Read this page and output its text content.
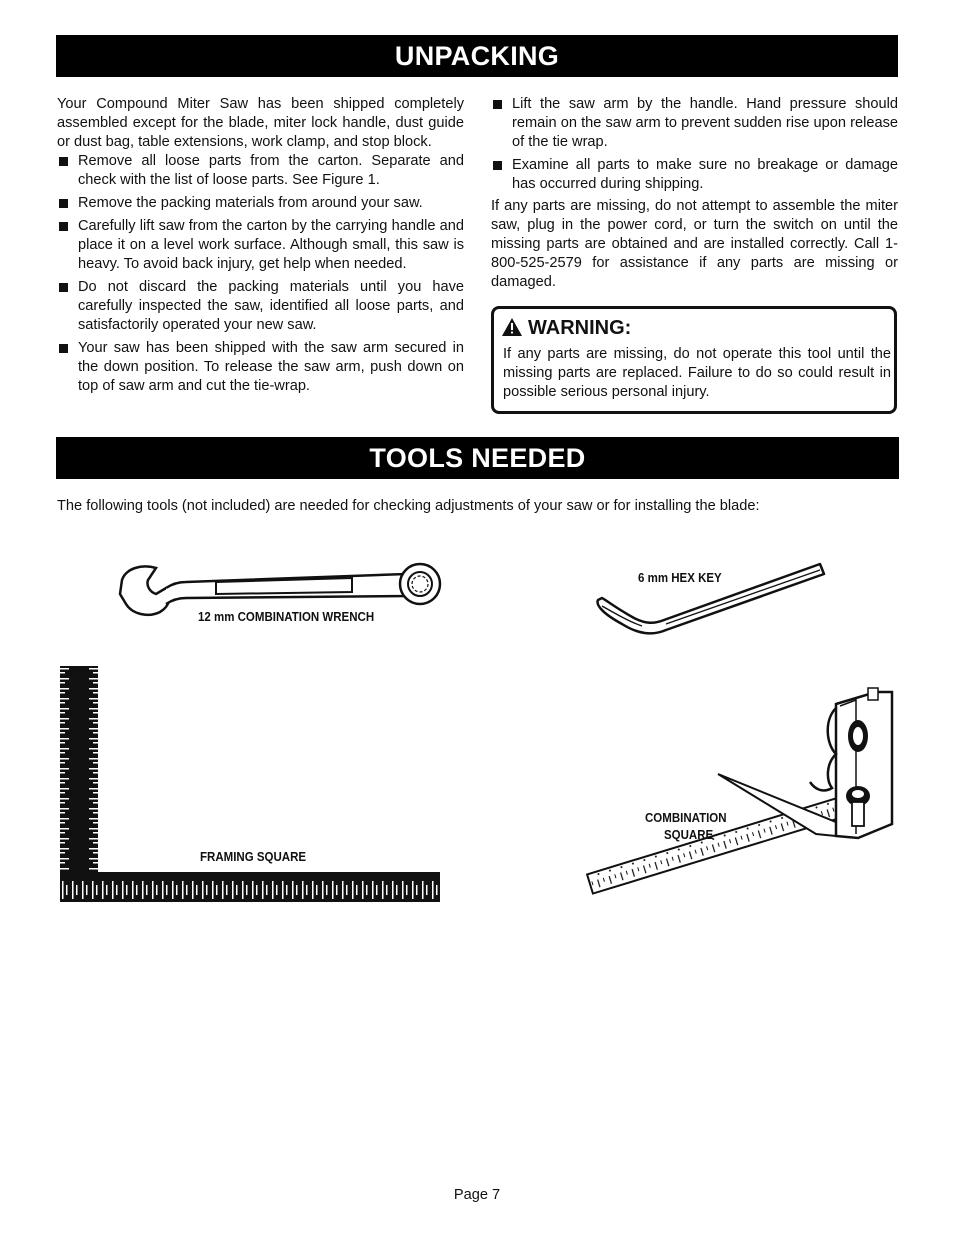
UNPACKING

Your Compound Miter Saw has been shipped completely assembled except for the blade, miter lock handle, dust guide or dust bag, table extensions, work clamp, and stop block.

Remove all loose parts from the carton. Separate and check with the list of loose parts. See Figure 1.
Remove the packing materials from around your saw.
Carefully lift saw from the carton by the carrying handle and place it on a level work surface. Although small, this saw is heavy. To avoid back injury, get help when needed.
Do not discard the packing materials until you have carefully inspected the saw, identified all loose parts, and satisfactorily operated your new saw.
Your saw has been shipped with the saw arm secured in the down position. To release the saw arm, push down on top of saw arm and cut the tie-wrap.
Lift the saw arm by the handle. Hand pressure should remain on the saw arm to prevent sudden rise upon release of the tie wrap.
Examine all parts to make sure no breakage or damage has occurred during shipping.

If any parts are missing, do not attempt to assemble the miter saw, plug in the power cord, or turn the switch on until the missing parts are obtained and are installed correctly. Call 1-800-525-2579 for assistance if any parts are missing or damaged.

WARNING:
If any parts are missing, do not operate this tool until the missing parts are replaced. Failure to do so could result in possible serious personal injury.
TOOLS NEEDED
The following tools (not included) are needed for checking adjustments of your saw or for installing the blade:
12 mm COMBINATION WRENCH
6 mm HEX KEY
FRAMING SQUARE
COMBINATION
SQUARE
Page 7
